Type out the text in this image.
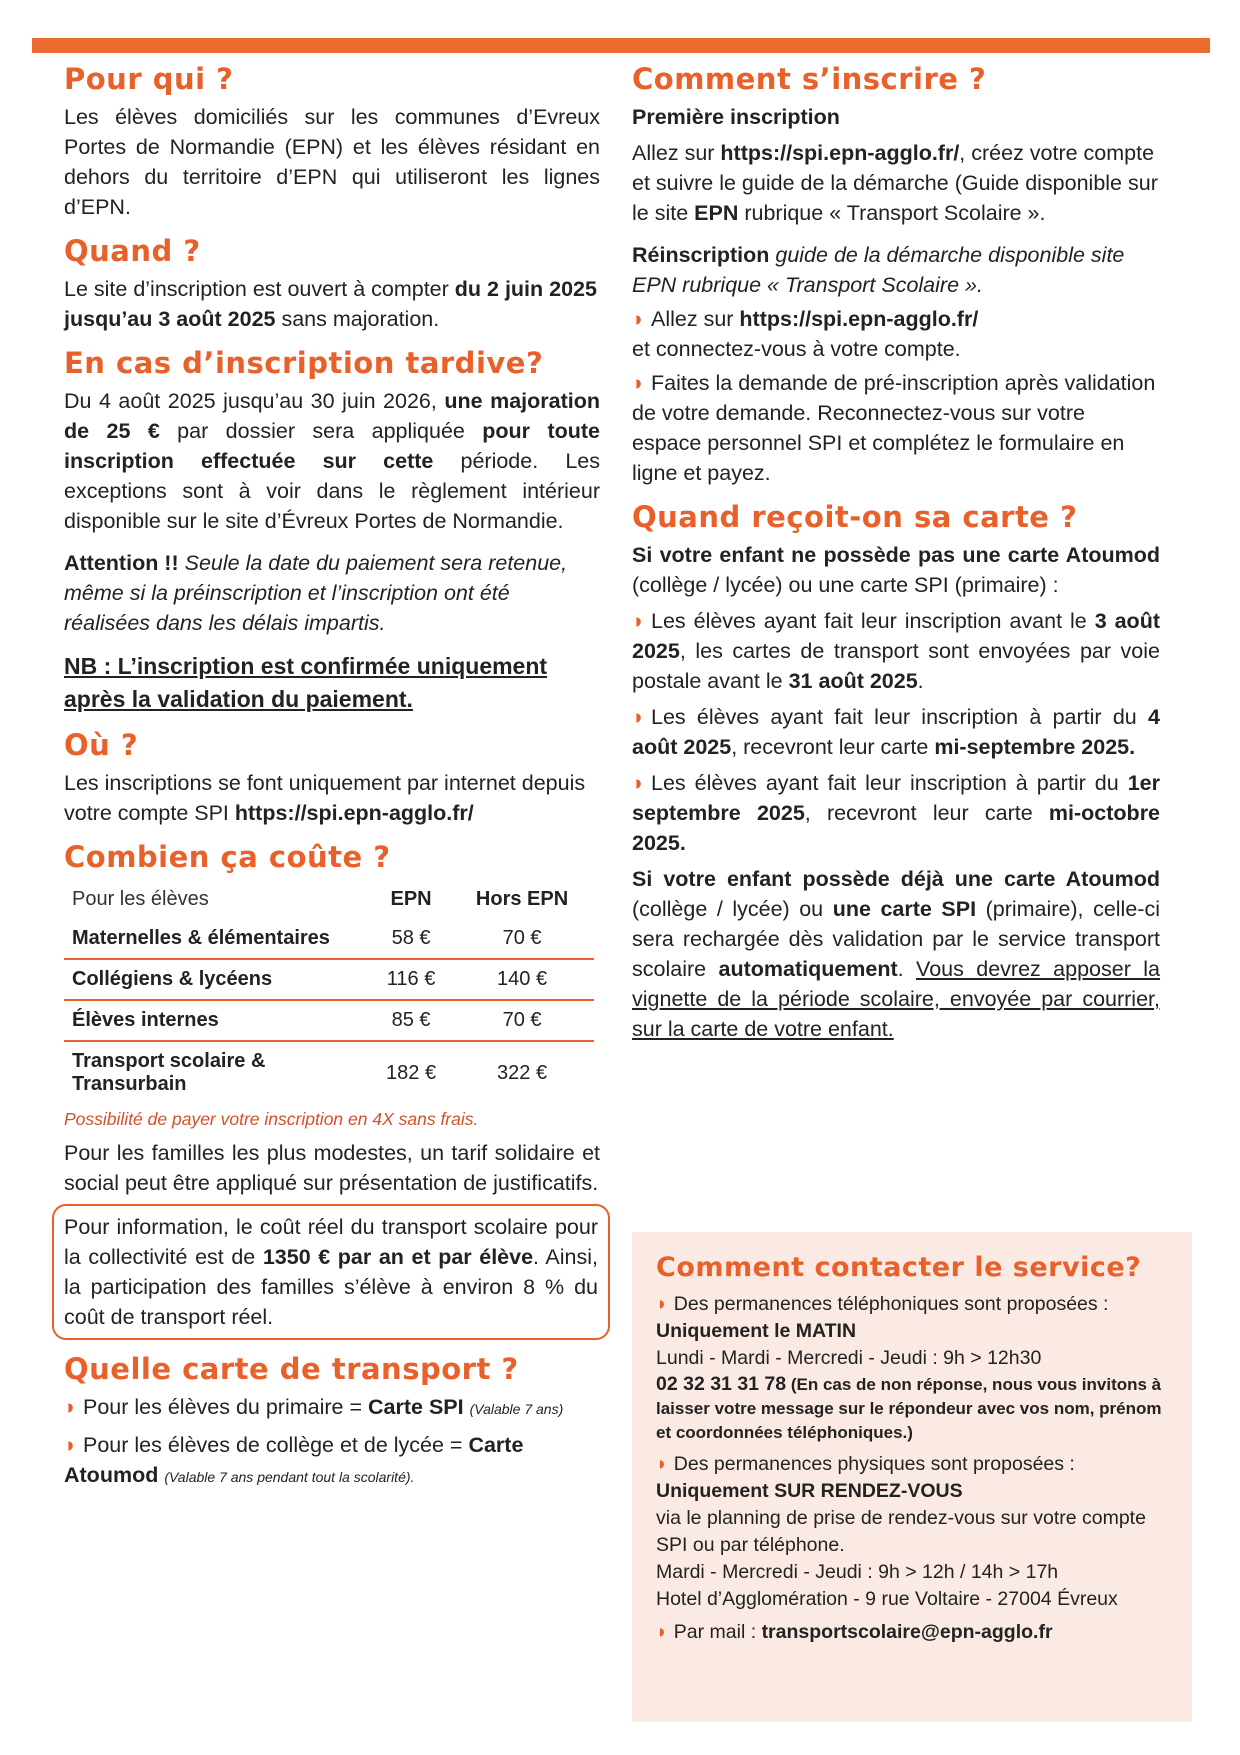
Pour qui ?

Les élèves domiciliés sur les communes d’Evreux Portes de Normandie (EPN) et les élèves résidant en dehors du territoire d’EPN qui utiliseront les lignes d’EPN.

Quand ?

Le site d’inscription est ouvert à compter du 2 juin 2025 jusqu’au 3 août 2025 sans majoration.

En cas d’inscription tardive?

Du 4 août 2025 jusqu’au 30 juin 2026, une majoration de 25 € par dossier sera appliquée pour toute inscription effectuée sur cette période. Les exceptions sont à voir dans le règlement intérieur disponible sur le site d’Évreux Portes de Normandie.

Attention !! Seule la date du paiement sera retenue, même si la préinscription et l’inscription ont été réalisées dans les délais impartis.

NB : L’inscription est confirmée uniquement après la validation du paiement.

Où ?

Les inscriptions se font uniquement par internet depuis votre compte SPI https://spi.epn-agglo.fr/

Combien ça coûte ?
Pour les élèves	EPN	Hors EPN
Maternelles & élémentaires	58 €	70 €
Collégiens & lycéens	116 €	140 €
Élèves internes	85 €	70 €
Transport scolaire & Transurbain	182 €	322 €

Possibilité de payer votre inscription en 4X sans frais.

Pour les familles les plus modestes, un tarif solidaire et social peut être appliqué sur présentation de justificatifs.

Pour information, le coût réel du transport scolaire pour la collectivité est de 1350 € par an et par élève. Ainsi, la participation des familles s’élève à environ 8 % du coût de transport réel.

Quelle carte de transport ?

◗ Pour les élèves du primaire = Carte SPI (Valable 7 ans)

◗ Pour les élèves de collège et de lycée = Carte Atoumod (Valable 7 ans pendant tout la scolarité).

Comment s’inscrire ?

Première inscription

Allez sur https://spi.epn-agglo.fr/, créez votre compte et suivre le guide de la démarche (Guide disponible sur le site EPN rubrique « Transport Scolaire ».

Réinscription guide de la démarche disponible site EPN rubrique « Transport Scolaire ».

◗ Allez sur https://spi.epn-agglo.fr/
et connectez-vous à votre compte.

◗ Faites la demande de pré-inscription après validation de votre demande. Reconnectez-vous sur votre espace personnel SPI et complétez le formulaire en ligne et payez.

Quand reçoit-on sa carte ?

Si votre enfant ne possède pas une carte Atoumod (collège / lycée) ou une carte SPI (primaire) :

◗ Les élèves ayant fait leur inscription avant le 3 août 2025, les cartes de transport sont envoyées par voie postale avant le 31 août 2025.

◗ Les élèves ayant fait leur inscription à partir du 4 août 2025, recevront leur carte mi-septembre 2025.

◗ Les élèves ayant fait leur inscription à partir du 1er septembre 2025, recevront leur carte mi-octobre 2025.

Si votre enfant possède déjà une carte Atoumod (collège / lycée) ou une carte SPI (primaire), celle-ci sera rechargée dès validation par le service transport scolaire automatiquement. Vous devrez apposer la vignette de la période scolaire, envoyée par courrier, sur la carte de votre enfant.

Comment contacter le service?

◗ Des permanences téléphoniques sont proposées :

Uniquement le MATIN

Lundi - Mardi - Mercredi - Jeudi : 9h > 12h30

02 32 31 31 78 (En cas de non réponse, nous vous invitons à laisser votre message sur le répondeur avec vos nom, prénom et coordonnées téléphoniques.)

◗ Des permanences physiques sont proposées :

Uniquement SUR RENDEZ-VOUS

via le planning de prise de rendez-vous sur votre compte SPI ou par téléphone.

Mardi - Mercredi - Jeudi : 9h > 12h / 14h > 17h

Hotel d’Agglomération - 9 rue Voltaire - 27004 Évreux

◗ Par mail : transportscolaire@epn-agglo.fr
